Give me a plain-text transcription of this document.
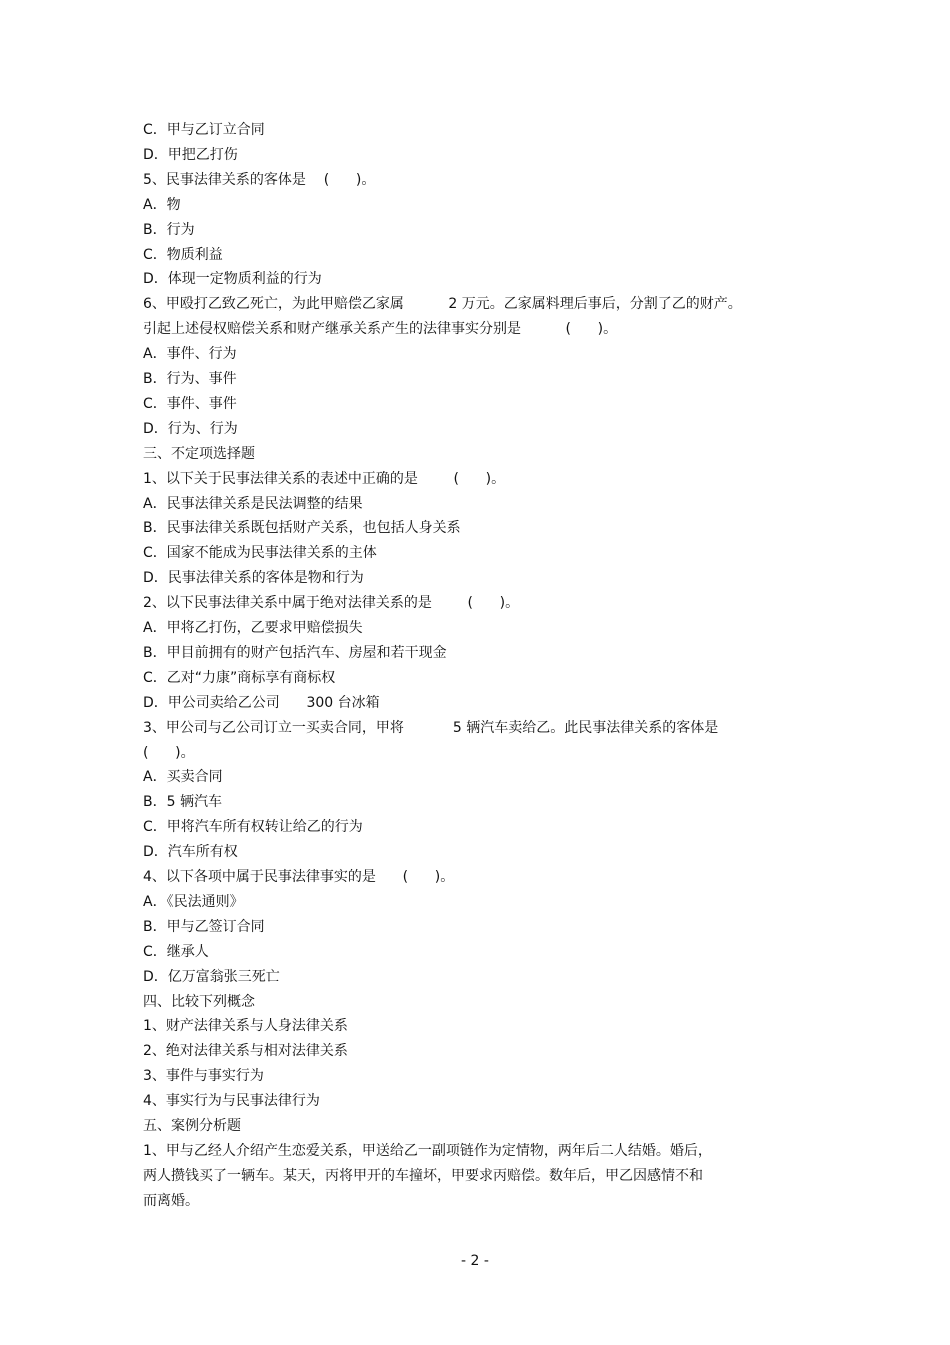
C．甲与乙订立合同
D．甲把乙打伤
5、民事法律关系的客体是    (      )。
A．物
B．行为
C．物质利益
D．体现一定物质利益的行为
6、甲殴打乙致乙死亡，为此甲赔偿乙家属          2 万元。乙家属料理后事后，分割了乙的财产。
引起上述侵权赔偿关系和财产继承关系产生的法律事实分别是          (      )。
A．事件、行为
B．行为、事件
C．事件、事件
D．行为、行为
三、不定项选择题
1、以下关于民事法律关系的表述中正确的是        (      )。
A．民事法律关系是民法调整的结果
B．民事法律关系既包括财产关系，也包括人身关系
C．国家不能成为民事法律关系的主体
D．民事法律关系的客体是物和行为
2、以下民事法律关系中属于绝对法律关系的是        (      )。
A．甲将乙打伤，乙要求甲赔偿损失
B．甲目前拥有的财产包括汽车、房屋和若干现金
C．乙对“力康”商标享有商标权
D．甲公司卖给乙公司      300 台冰箱
3、甲公司与乙公司订立一买卖合同，甲将           5 辆汽车卖给乙。此民事法律关系的客体是
(      )。
A．买卖合同
B．5 辆汽车
C．甲将汽车所有权转让给乙的行为
D．汽车所有权
4、以下各项中属于民事法律事实的是      (      )。
A．《民法通则》
B．甲与乙签订合同
C．继承人
D．亿万富翁张三死亡
四、比较下列概念
1、财产法律关系与人身法律关系
2、绝对法律关系与相对法律关系
3、事件与事实行为
4、事实行为与民事法律行为
五、案例分析题
1、甲与乙经人介绍产生恋爱关系，甲送给乙一副项链作为定情物，两年后二人结婚。婚后，
两人攒钱买了一辆车。某天，丙将甲开的车撞坏，甲要求丙赔偿。数年后，甲乙因感情不和
而离婚。
- 2 -
